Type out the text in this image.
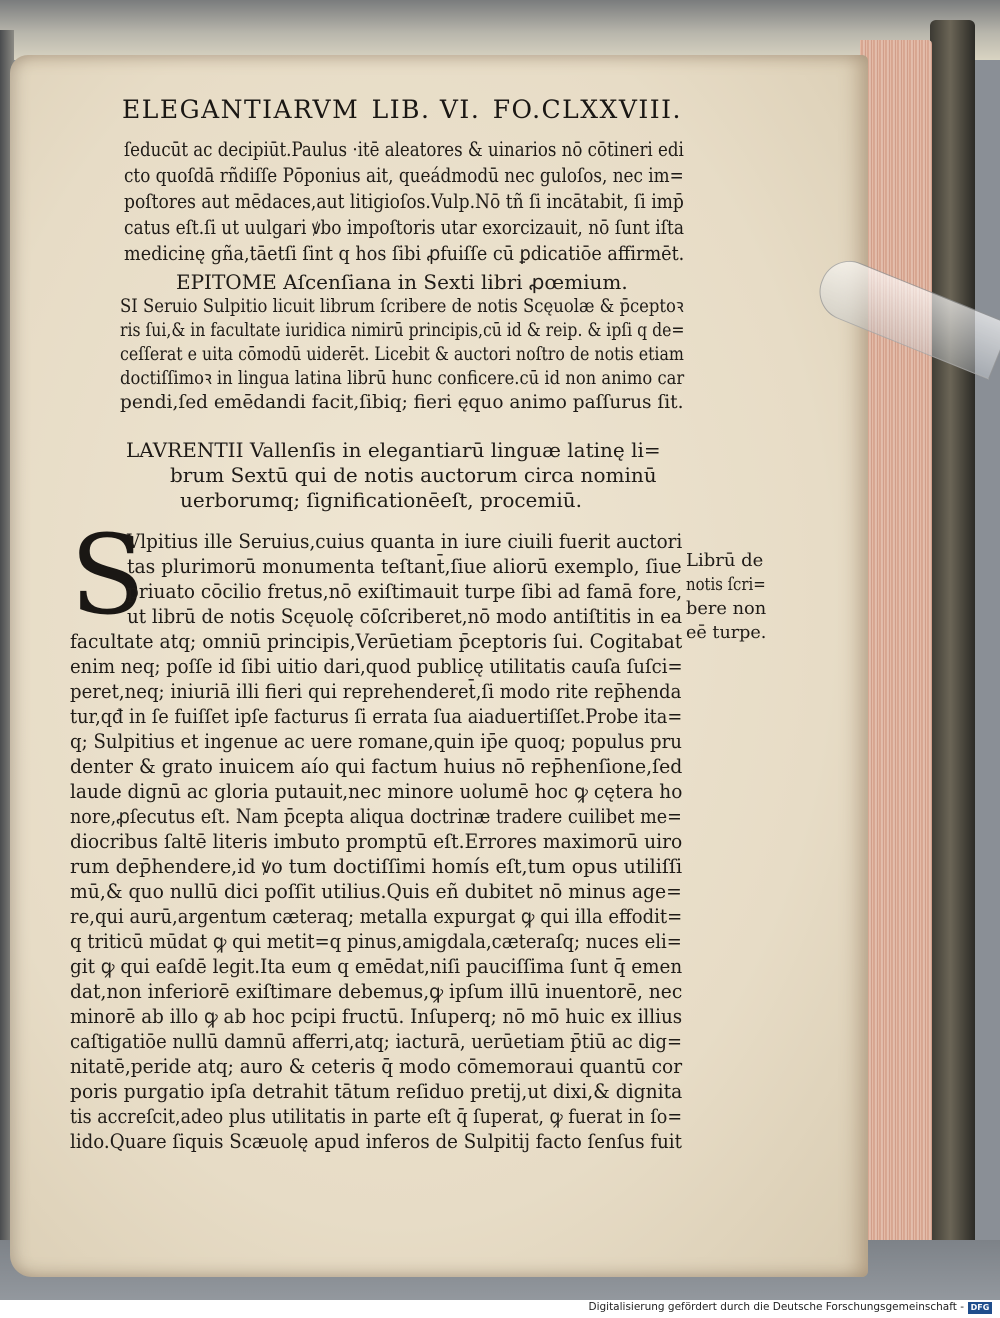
ELEGANTIARVM LIB. VI. FO.CLXXVIII.
ſeducūt ac decipiūt.Paulus ·itē aleatores & uinarios nō cōtineri edi
cto quoſdā rñdiſſe Pōponius ait, queádmodū nec guloſos, nec im=
poſtores aut mēdaces,aut litigioſos.Vulp.Nō tñ ſi incātabit, ſi imp̄
catus eſt.ſi ut uulgari ꝟbo impoſtoris utar exorcizauit, nō ſunt iſta
medicinę gña,tāetſi ſint q hos ſibi ꝓfuiſſe cū ꝑdicatiōe affirmēt.
EPITOME Aſcenſiana in Sexti libri ꝓœmium.
SI Seruio Sulpitio licuit librum ſcribere de notis Scęuolæ & p̄ceptoꝛ
ris ſui,& in facultate iuridica nimirū principis,cū id & reip. & ipſi q de=
ceſſerat e uita cōmodū uiderēt. Licebit & auctori noſtro de notis etiam
doctiſſimoꝛ in lingua latina librū hunc conficere.cū id non animo car
pendi,ſed emēdandi facit,ſibiq; fieri ęquo animo paſſurus ſit.
LAVRENTII Vallenſis in elegantiarū linguæ latinę li=
brum Sextū qui de notis auctorum circa nominū
uerborumq; ſignificationēeſt, procemiū.
S
Vlpitius ille Seruius,cuius quanta in iure ciuili fuerit auctori
tas plurimorū monumenta teſtant̄,ſiue aliorū exemplo, ſiue
priuato cōcilio fretus,nō exiſtimauit turpe ſibi ad famā fore,
ut librū de notis Scęuolę cōſcriberet,nō modo antiſtitis in ea
facultate atq; omniū principis,Verūetiam p̄ceptoris ſui. Cogitabat
enim neq; poſſe id ſibi uitio dari,quod publicę utilitatis cauſa ſuſci=
peret,neq; iniuriā illi fieri qui reprehenderet̄,ſi modo rite rep̄henda
tur,qđ in ſe fuiſſet ipſe facturus ſi errata ſua aiaduertiſſet.Probe ita=
q; Sulpitius et ingenue ac uere romane,quin ip̄e quoq; populus pru
denter & grato inuicem aío qui factum huius nō rep̄henſione,ſed
laude dignū ac gloria putauit,nec minore uolumē hoc ꝙ cętera ho
nore,ꝓſecutus eſt. Nam p̄cepta aliqua doctrinæ tradere cuilibet me=
diocribus ſaltē literis imbuto promptū eſt.Errores maximorū uiro
rum dep̄hendere,id ꝟo tum doctiſſimi homís eſt,tum opus utiliſſi
mū,& quo nullū dici poſſit utilius.Quis eñ dubitet nō minus age=
re,qui aurū,argentum cæteraq; metalla expurgat ꝙ qui illa effodit=
q triticū mūdat ꝙ qui metit=q pinus,amigdala,cæteraſq; nuces eli=
git ꝙ qui eaſdē legit.Ita eum q emēdat,niſi pauciſſima ſunt q̄ emen
dat,non inferiorē exiſtimare debemus,ꝙ ipſum illū inuentorē, nec
minorē ab illo ꝙ ab hoc pcipi fructū. Inſuperq; nō mō huic ex illius
caſtigatiōe nullū damnū afferri,atq; iacturā, uerūetiam p̄tiū ac dig=
nitatē,peride atq; auro & ceteris q̄ modo cōmemoraui quantū cor
poris purgatio ipſa detrahit tātum reſiduo pretij,ut dixi,& dignita
tis accreſcit,adeo plus utilitatis in parte eſt q̄ ſuperat, ꝙ fuerat in ſo=
lido.Quare ſiquis Scæuolę apud inferos de Sulpitij facto ſenſus fuit
Librū de
notis ſcri=
bere non
eē turpe.
Digitalisierung gefördert durch die Deutsche Forschungsgemeinschaft - DFG
